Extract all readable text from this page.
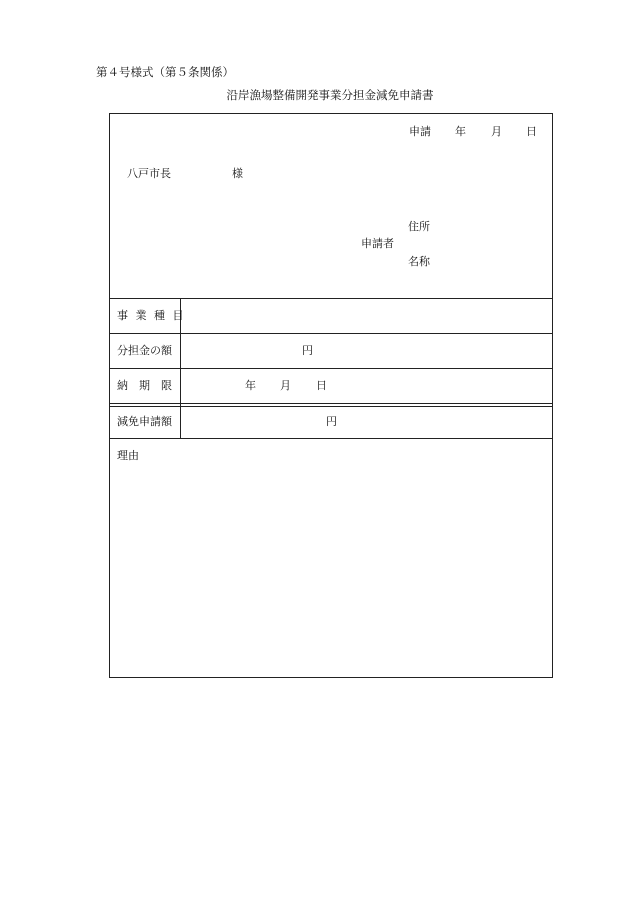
第４号様式（第５条関係）
沿岸漁場整備開発事業分担金減免申請書
申請 年 月 日
八戸市長	様
住所
申請者
名称
事 業 種 目
分担金の額
納　期　限
減免申請額
円
年 月 日
円
理由
